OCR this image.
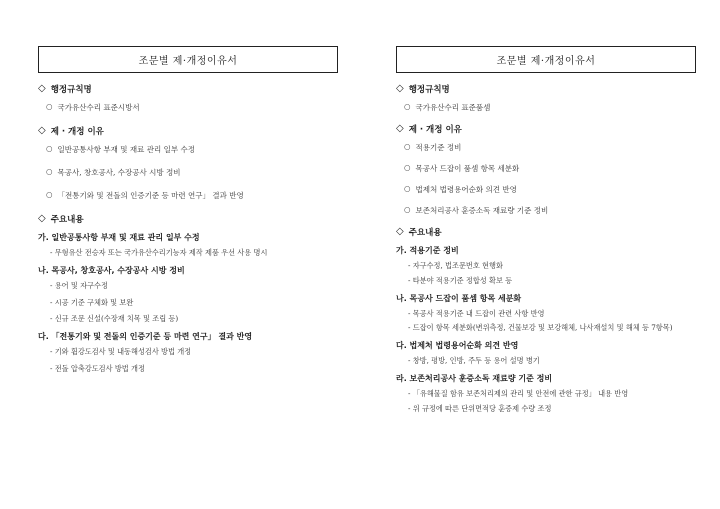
조문별 제·개정이유서
◇ 행정규칙명
○ 국가유산수리 표준시방서
◇ 제 · 개정 이유
○ 일반공통사항 부재 및 재료 관리 일부 수정
○ 목공사, 창호공사, 수장공사 시방 정비
○ 「전통기와 및 전돌의 인증기준 등 마련 연구」 결과 반영
◇ 주요내용
가. 일반공통사항 부재 및 재료 관리 일부 수정
- 무형유산 전승자 또는 국가유산수리기능자 제작 제품 우선 사용 명시
나. 목공사, 창호공사, 수장공사 시방 정비
- 용어 및 자구수정
- 시공 기준 구체화 및 보완
- 신규 조문 신설(수장재 치목 및 조립 등)
다. 「전통기와 및 전돌의 인증기준 등 마련 연구」 결과 반영
- 기와 휨강도검사 및 내동해성검사 방법 개정
- 전돌 압축강도검사 방법 개정
조문별 제·개정이유서
◇ 행정규칙명
○ 국가유산수리 표준품셈
◇ 제 · 개정 이유
○ 적용기준 정비
○ 목공사 드잡이 품셈 항목 세분화
○ 법제처 법령용어순화 의견 반영
○ 보존처리공사 훈증소독 재료량 기준 정비
◇ 주요내용
가. 적용기준 정비
- 자구수정, 법조문번호 현행화
- 타분야 적용기준 정합성 확보 등
나. 목공사 드잡이 품셈 항목 세분화
- 목공사 적용기준 내 드잡이 관련 사항 반영
- 드잡이 항목 세분화(변위측정, 건물보강 및 보강해체, 나사재설치 및 해체 등 7항목)
다. 법제처 법령용어순화 의견 반영
- 창방, 평방, 인방, 주두 등 용어 설명 병기
라. 보존처리공사 훈증소독 재료량 기준 정비
- 「유해물질 함유 보존처리제의 관리 및 안전에 관한 규정」 내용 반영
- 위 규정에 따른 단위면적당 훈증제 수량 조정
